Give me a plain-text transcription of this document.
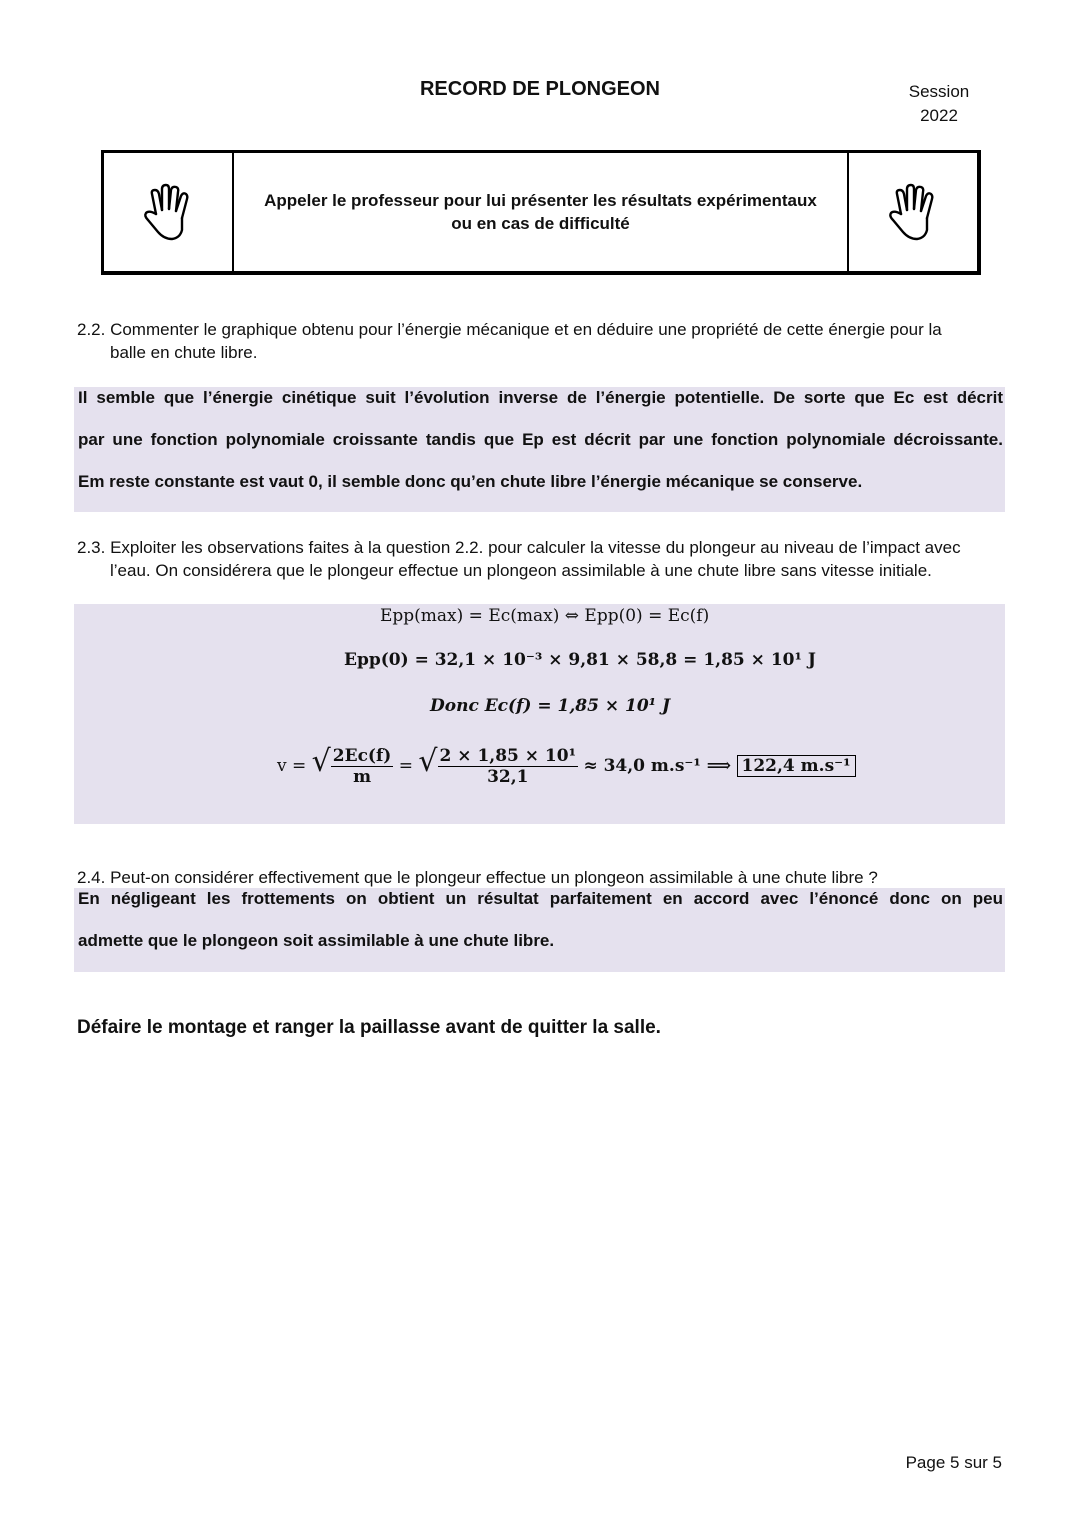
RECORD DE PLONGEON	Session
2022
Appeler le professeur pour lui présenter les résultats expérimentaux
ou en cas de difficulté
2.2. Commenter le graphique obtenu pour l’énergie mécanique et en déduire une propriété de cette énergie pour la
balle en chute libre.
Il semble que l’énergie cinétique suit l’évolution inverse de l’énergie potentielle. De sorte que Ec est décrit
par une fonction polynomiale croissante tandis que Ep est décrit par une fonction polynomiale décroissante.
Em reste constante est vaut 0, il semble donc qu’en chute libre l’énergie mécanique se conserve.
2.3. Exploiter les observations faites à la question 2.2. pour calculer la vitesse du plongeur au niveau de l’impact avec
l’eau. On considérera que le plongeur effectue un plongeon assimilable à une chute libre sans vitesse initiale.
Epp(max) = Ec(max) ⇔ Epp(0) = Ec(f)
Epp(0) = 32,1 × 10⁻³ × 9,81 × 58,8 = 1,85 × 10¹ J
Donc Ec(f) = 1,85 × 10¹ J
v = √ $\frac{2Ec(f)}{m}$ = √ $\frac{\text{2 × 1,85 × 10¹}}{32,1} \approx 34,0$ m.s⁻¹ ⟹ 122,4 m.s⁻¹
2.4. Peut-on considérer effectivement que le plongeur effectue un plongeon assimilable à une chute libre ?
En négligeant les frottements on obtient un résultat parfaitement en accord avec l’énoncé donc on peu
admette que le plongeon soit assimilable à une chute libre.
Défaire le montage et ranger la paillasse avant de quitter la salle.
Page 5 sur 5
